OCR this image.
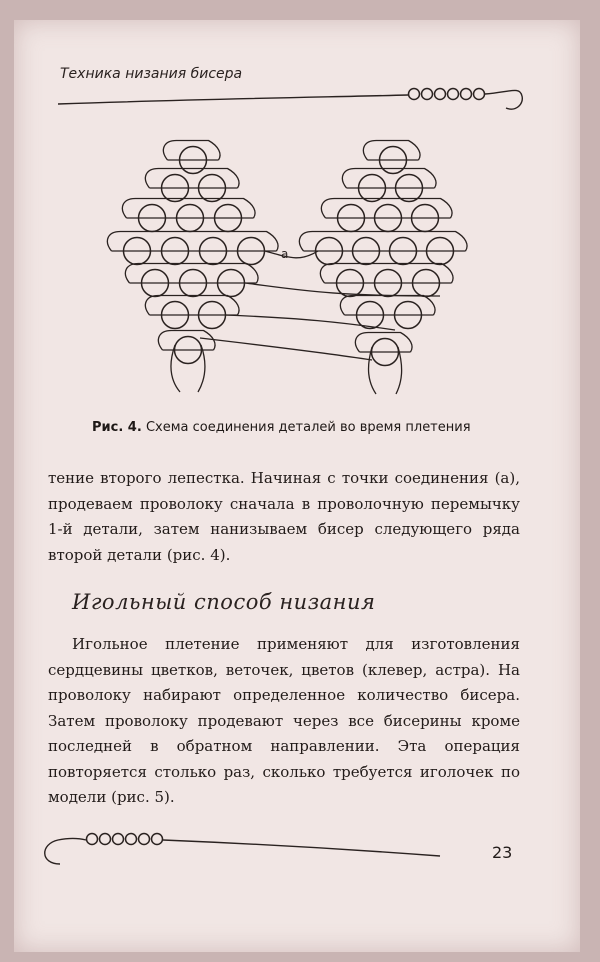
Техника низания бисера
а
Рис. 4. Схема соединения деталей во время плетения

тение второго лепестка. Начиная с точки соединения (а), продеваем проволоку сначала в проволочную перемычку 1-й детали, затем нанизываем бисер следующего ряда второй детали (рис. 4).

Игольный способ низания

Игольное плетение применяют для изготовления сердцевины цветков, веточек, цветов (клевер, астра). На проволоку набирают определенное количество бисера. Затем проволоку продевают через все бисерины кроме последней в обратном направлении. Эта операция повторяется столько раз, сколько требуется иголочек по модели (рис. 5).

23
